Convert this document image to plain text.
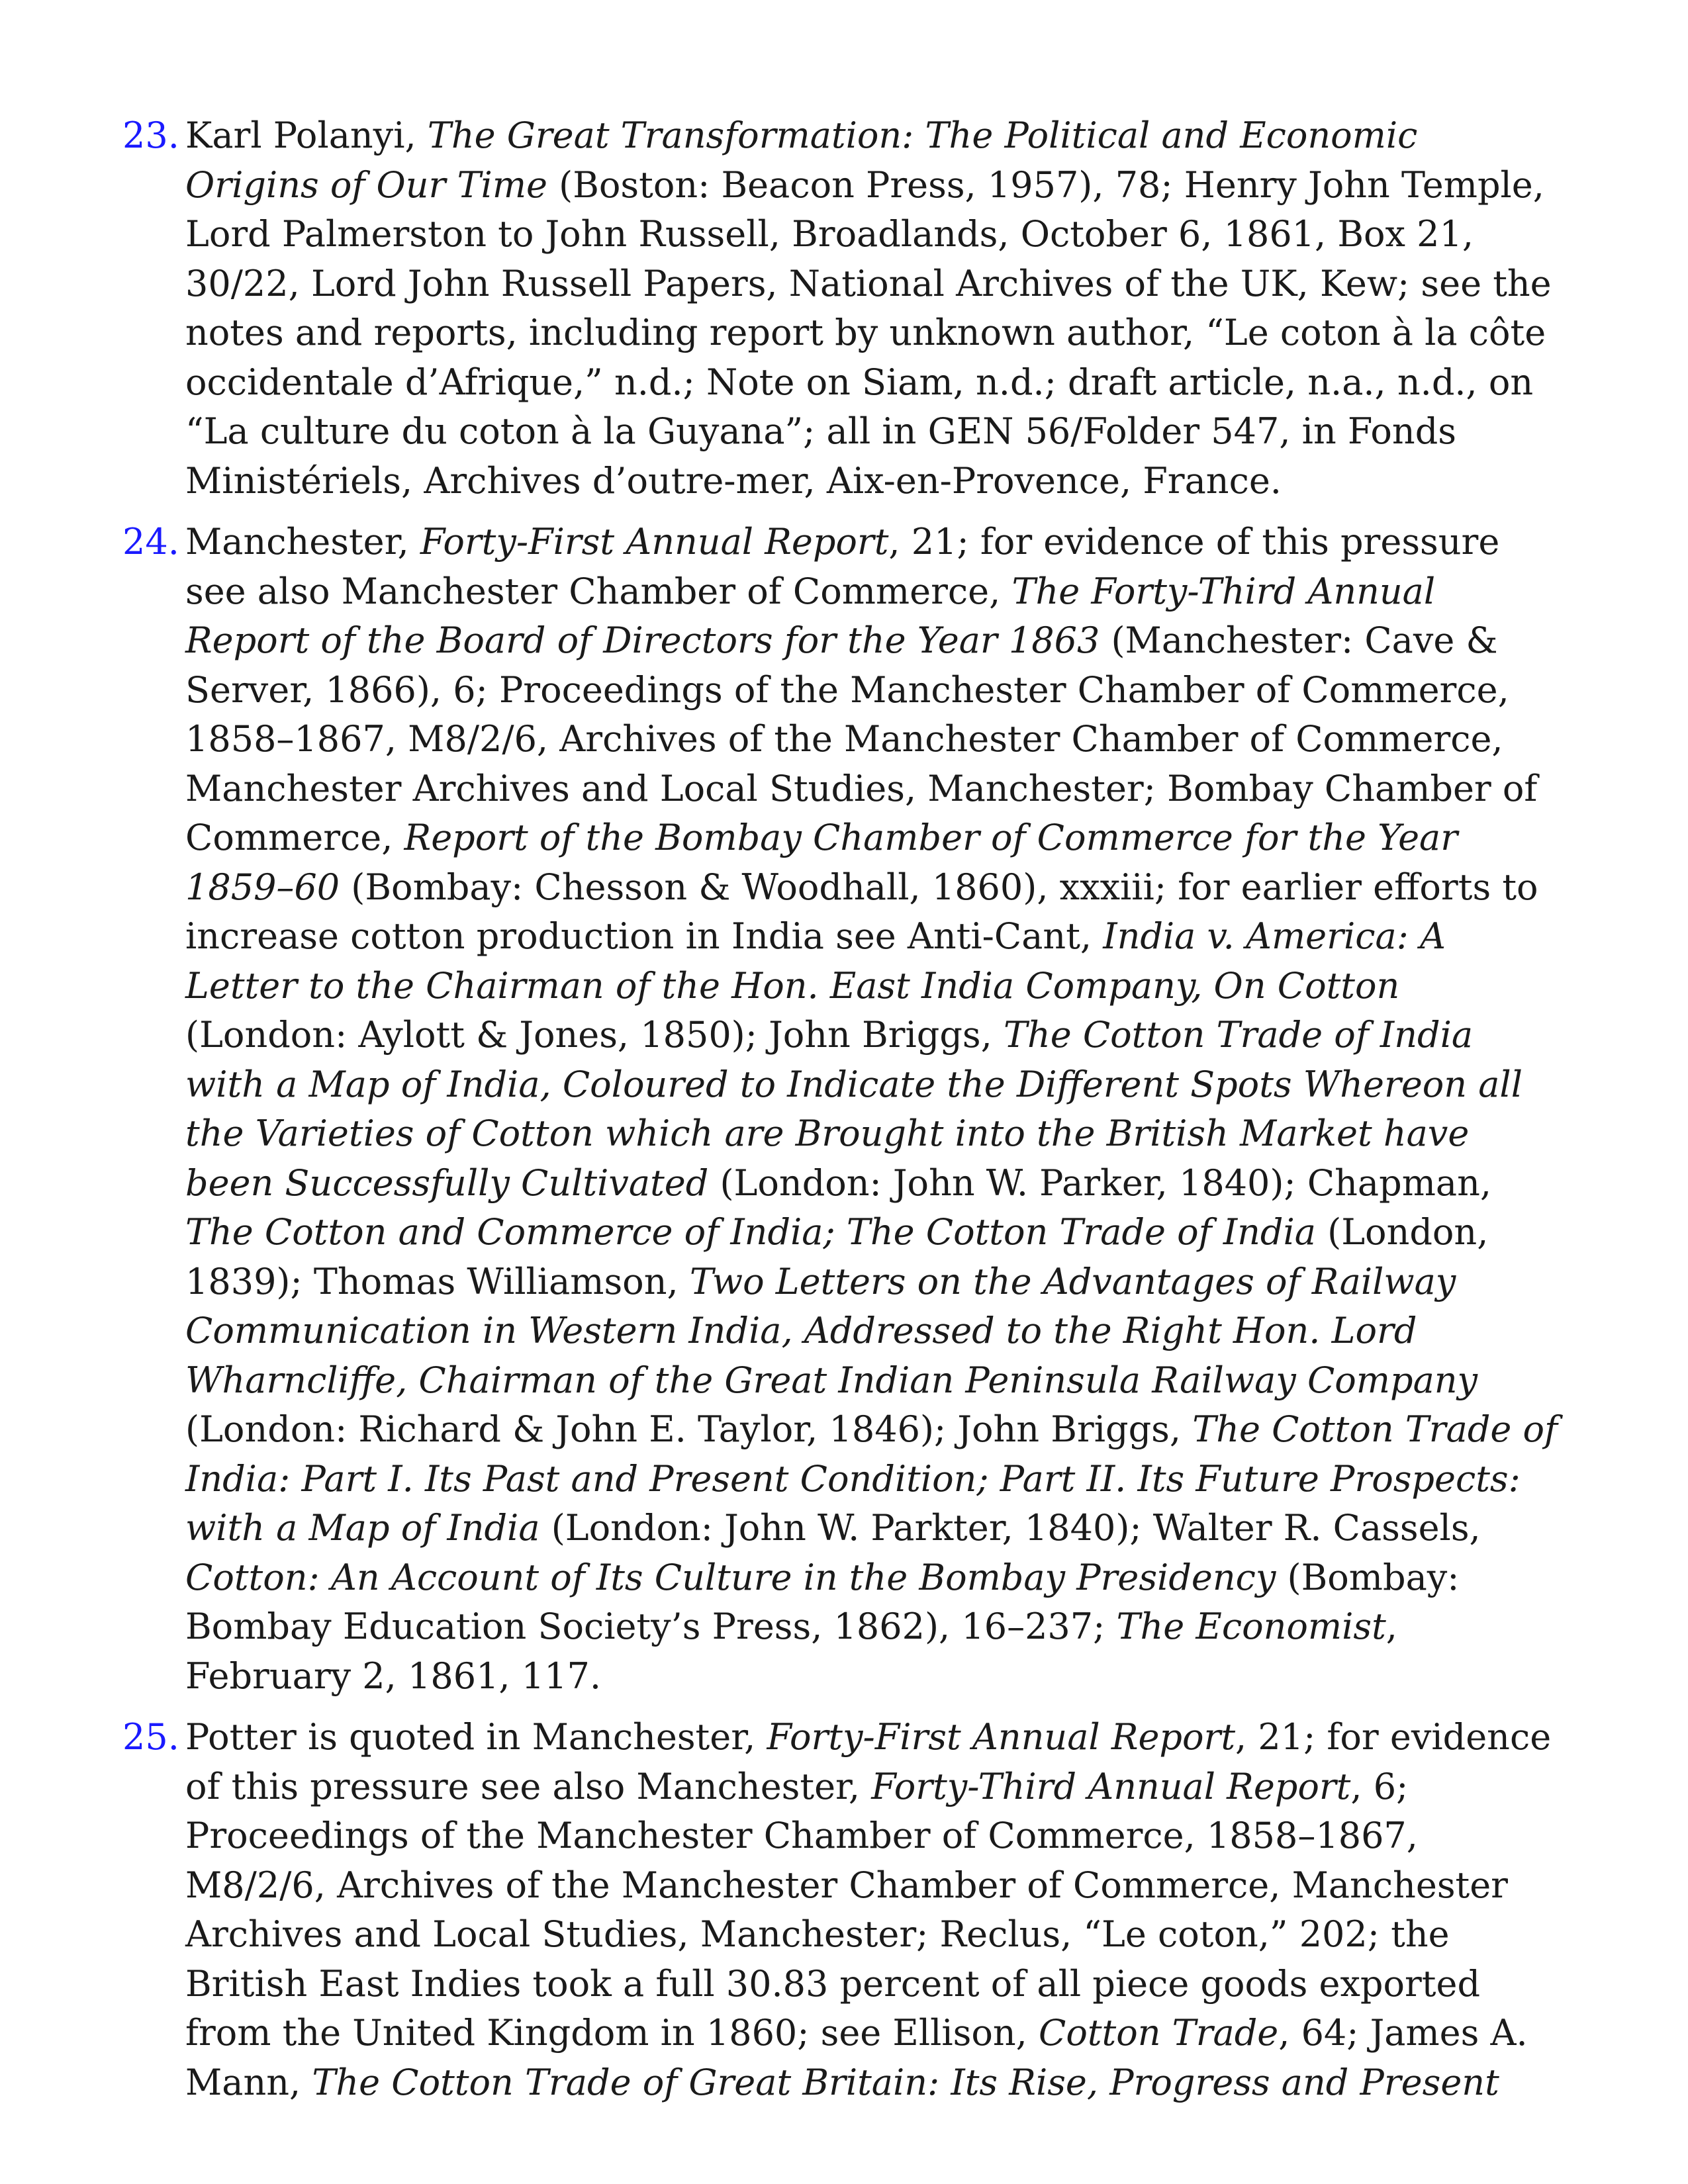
23. Karl Polanyi, The Great Transformation: The Political and Economic Origins of Our Time (Boston: Beacon Press, 1957), 78; Henry John Temple, Lord Palmerston to John Russell, Broadlands, October 6, 1861, Box 21, 30/22, Lord John Russell Papers, National Archives of the UK, Kew; see the notes and reports, including report by unknown author, “Le coton à la côte occidentale d’Afrique,” n.d.; Note on Siam, n.d.; draft article, n.a., n.d., on “La culture du coton à la Guyana”; all in GEN 56/Folder 547, in Fonds Ministériels, Archives d’outre-mer, Aix-en-Provence, France.
24. Manchester, Forty-First Annual Report, 21; for evidence of this pressure see also Manchester Chamber of Commerce, The Forty-Third Annual Report of the Board of Directors for the Year 1863 (Manchester: Cave & Server, 1866), 6; Proceedings of the Manchester Chamber of Commerce, 1858–1867, M8/2/6, Archives of the Manchester Chamber of Commerce, Manchester Archives and Local Studies, Manchester; Bombay Chamber of Commerce, Report of the Bombay Chamber of Commerce for the Year 1859–60 (Bombay: Chesson & Woodhall, 1860), xxxiii; for earlier efforts to increase cotton production in India see Anti-Cant, India v. America: A Letter to the Chairman of the Hon. East India Company, On Cotton (London: Aylott & Jones, 1850); John Briggs, The Cotton Trade of India with a Map of India, Coloured to Indicate the Different Spots Whereon all the Varieties of Cotton which are Brought into the British Market have been Successfully Cultivated (London: John W. Parker, 1840); Chapman, The Cotton and Commerce of India; The Cotton Trade of India (London, 1839); Thomas Williamson, Two Letters on the Advantages of Railway Communication in Western India, Addressed to the Right Hon. Lord Wharncliffe, Chairman of the Great Indian Peninsula Railway Company (London: Richard & John E. Taylor, 1846); John Briggs, The Cotton Trade of India: Part I. Its Past and Present Condition; Part II. Its Future Prospects: with a Map of India (London: John W. Parkter, 1840); Walter R. Cassels, Cotton: An Account of Its Culture in the Bombay Presidency (Bombay: Bombay Education Society’s Press, 1862), 16–237; The Economist, February 2, 1861, 117.
25. Potter is quoted in Manchester, Forty-First Annual Report, 21; for evidence of this pressure see also Manchester, Forty-Third Annual Report, 6; Proceedings of the Manchester Chamber of Commerce, 1858–1867, M8/2/6, Archives of the Manchester Chamber of Commerce, Manchester Archives and Local Studies, Manchester; Reclus, “Le coton,” 202; the British East Indies took a full 30.83 percent of all piece goods exported from the United Kingdom in 1860; see Ellison, Cotton Trade, 64; James A. Mann, The Cotton Trade of Great Britain: Its Rise, Progress and Present
